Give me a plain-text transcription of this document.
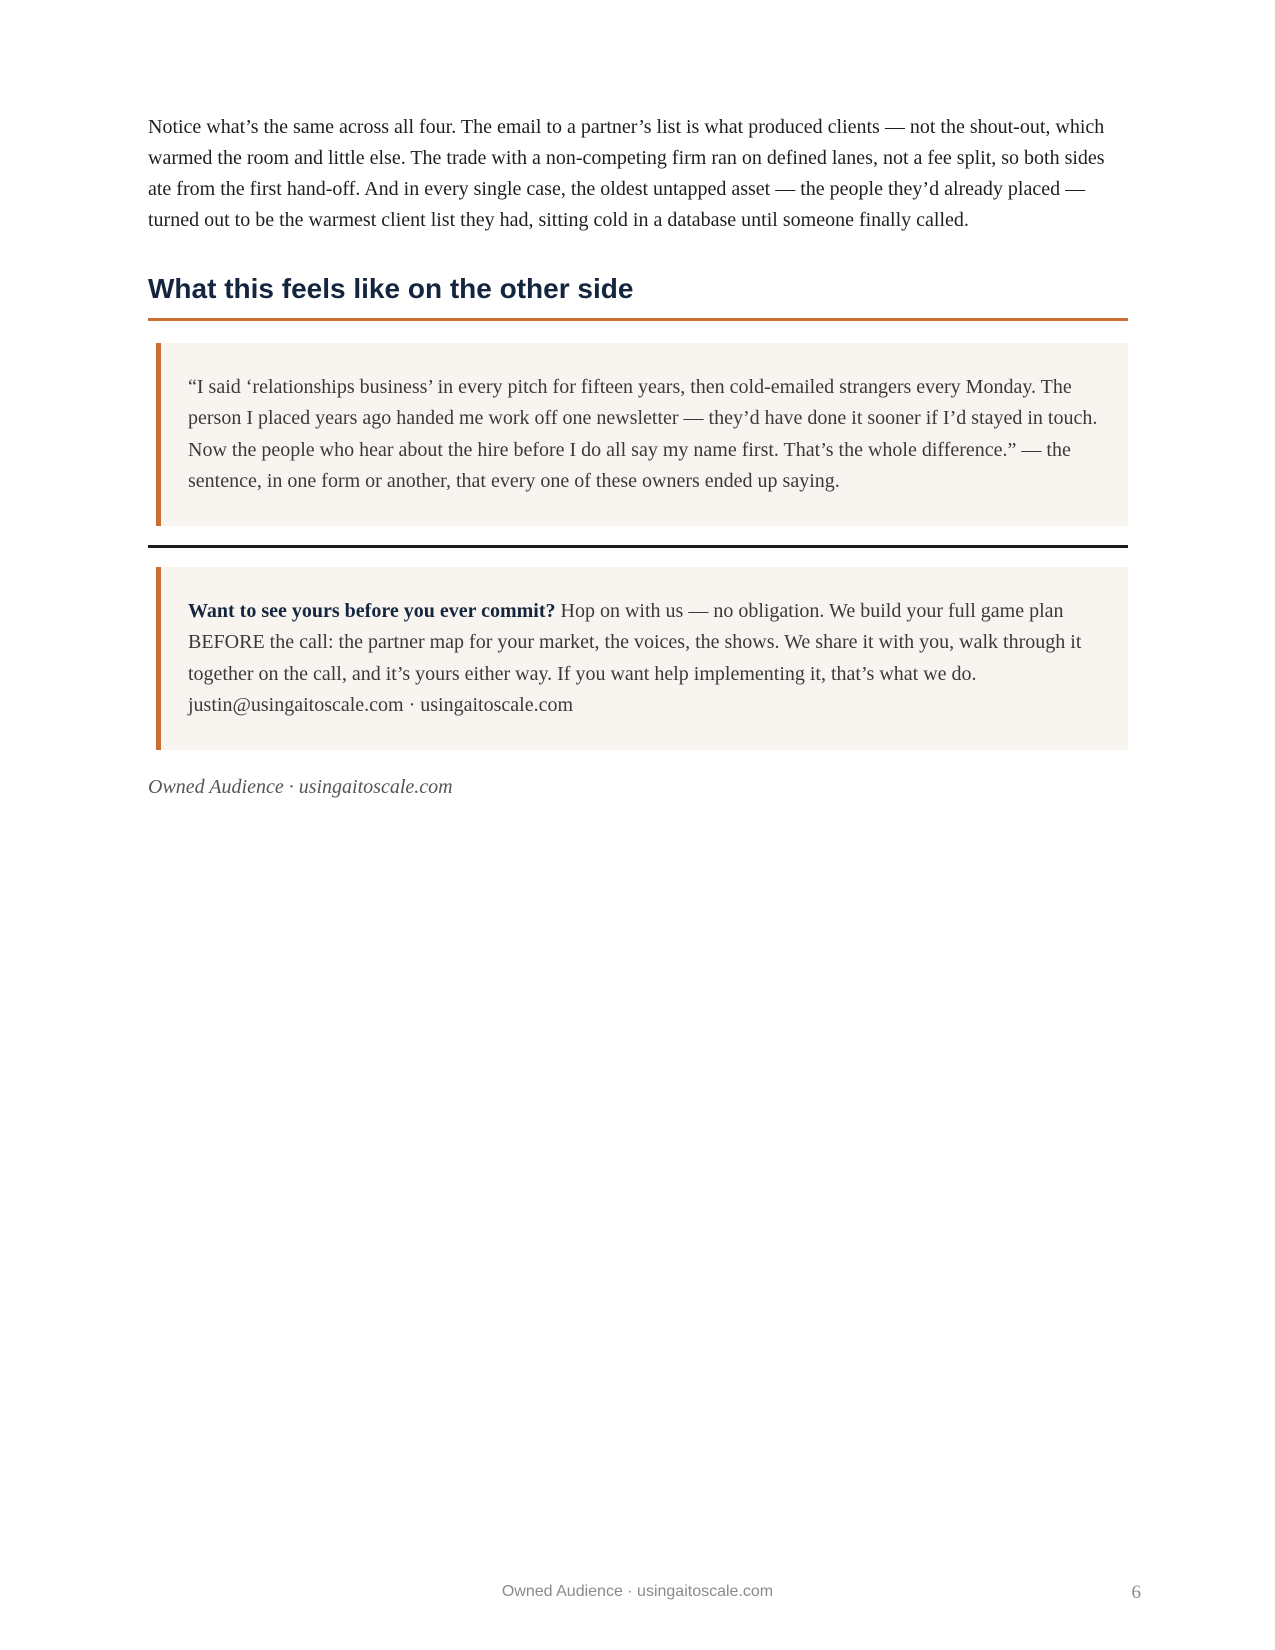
Notice what’s the same across all four. The email to a partner’s list is what produced clients — not the shout-out, which warmed the room and little else. The trade with a non-competing firm ran on defined lanes, not a fee split, so both sides ate from the first hand-off. And in every single case, the oldest untapped asset — the people they’d already placed — turned out to be the warmest client list they had, sitting cold in a database until someone finally called.

What this feels like on the other side

“I said ‘relationships business’ in every pitch for fifteen years, then cold-emailed strangers every Monday. The person I placed years ago handed me work off one newsletter — they’d have done it sooner if I’d stayed in touch. Now the people who hear about the hire before I do all say my name first. That’s the whole difference.” — the sentence, in one form or another, that every one of these owners ended up saying.

Want to see yours before you ever commit? Hop on with us — no obligation. We build your full game plan BEFORE the call: the partner map for your market, the voices, the shows. We share it with you, walk through it together on the call, and it’s yours either way. If you want help implementing it, that’s what we do.
justin@usingaitoscale.com · usingaitoscale.com

Owned Audience · usingaitoscale.com

Owned Audience · usingaitoscale.com	6
